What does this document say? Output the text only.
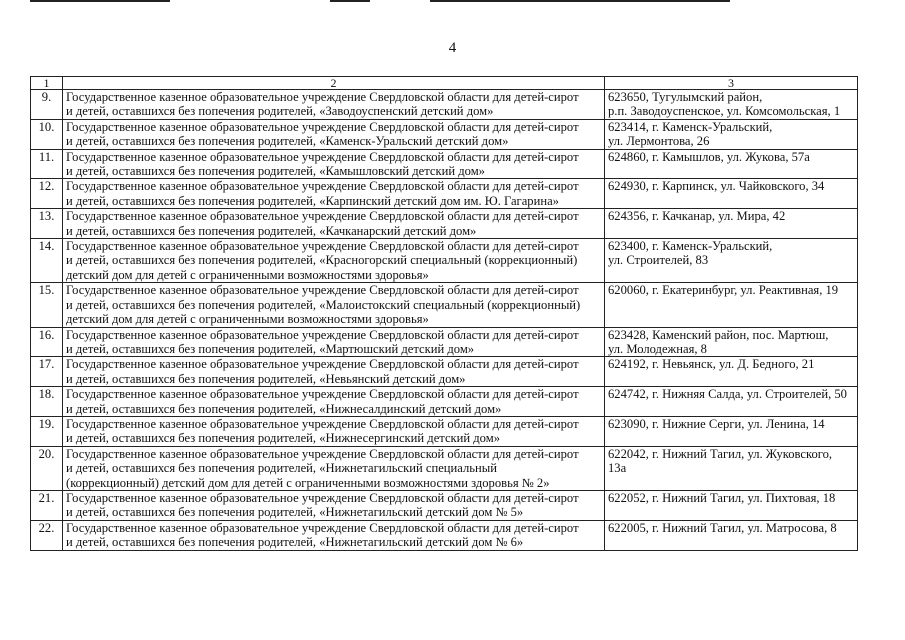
4
1	2	3
9.	Государственное казенное образовательное учреждение Свердловской области для детей-сирот
и детей, оставшихся без попечения родителей, «Заводоуспенский детский дом»	623650, Тугулымский район,
р.п. Заводоуспенское, ул. Комсомольская, 1

10.	Государственное казенное образовательное учреждение Свердловской области для детей-сирот
и детей, оставшихся без попечения родителей, «Каменск-Уральский детский дом»	623414, г. Каменск-Уральский,
ул. Лермонтова, 26

11.	Государственное казенное образовательное учреждение Свердловской области для детей-сирот
и детей, оставшихся без попечения родителей, «Камышловский детский дом»	624860, г. Камышлов, ул. Жукова, 57а

12.	Государственное казенное образовательное учреждение Свердловской области для детей-сирот
и детей, оставшихся без попечения родителей, «Карпинский детский дом им. Ю. Гагарина»	624930, г. Карпинск, ул. Чайковского, 34

13.	Государственное казенное образовательное учреждение Свердловской области для детей-сирот
и детей, оставшихся без попечения родителей, «Качканарский детский дом»	624356, г. Качканар, ул. Мира, 42

14.	Государственное казенное образовательное учреждение Свердловской области для детей-сирот
и детей, оставшихся без попечения родителей, «Красногорский специальный (коррекционный)
детский дом для детей с ограниченными возможностями здоровья»	623400, г. Каменск-Уральский,
ул. Строителей, 83

15.	Государственное казенное образовательное учреждение Свердловской области для детей-сирот
и детей, оставшихся без попечения родителей, «Малоистокский специальный (коррекционный)
детский дом для детей с ограниченными возможностями здоровья»	620060, г. Екатеринбург, ул. Реактивная, 19

16.	Государственное казенное образовательное учреждение Свердловской области для детей-сирот
и детей, оставшихся без попечения родителей, «Мартюшский детский дом»	623428, Каменский район, пос. Мартюш,
ул. Молодежная, 8

17.	Государственное казенное образовательное учреждение Свердловской области для детей-сирот
и детей, оставшихся без попечения родителей, «Невьянский детский дом»	624192, г. Невьянск, ул. Д. Бедного, 21

18.	Государственное казенное образовательное учреждение Свердловской области для детей-сирот
и детей, оставшихся без попечения родителей, «Нижнесалдинский детский дом»	624742, г. Нижняя Салда, ул. Строителей, 50

19.	Государственное казенное образовательное учреждение Свердловской области для детей-сирот
и детей, оставшихся без попечения родителей, «Нижнесергинский детский дом»	623090, г. Нижние Серги, ул. Ленина, 14

20.	Государственное казенное образовательное учреждение Свердловской области для детей-сирот
и детей, оставшихся без попечения родителей, «Нижнетагильский специальный
(коррекционный) детский дом для детей с ограниченными возможностями здоровья № 2»	622042, г. Нижний Тагил, ул. Жуковского,
13а

21.	Государственное казенное образовательное учреждение Свердловской области для детей-сирот
и детей, оставшихся без попечения родителей, «Нижнетагильский детский дом № 5»	622052, г. Нижний Тагил, ул. Пихтовая, 18

22.	Государственное казенное образовательное учреждение Свердловской области для детей-сирот
и детей, оставшихся без попечения родителей, «Нижнетагильский детский дом № 6»	622005, г. Нижний Тагил, ул. Матросова, 8
